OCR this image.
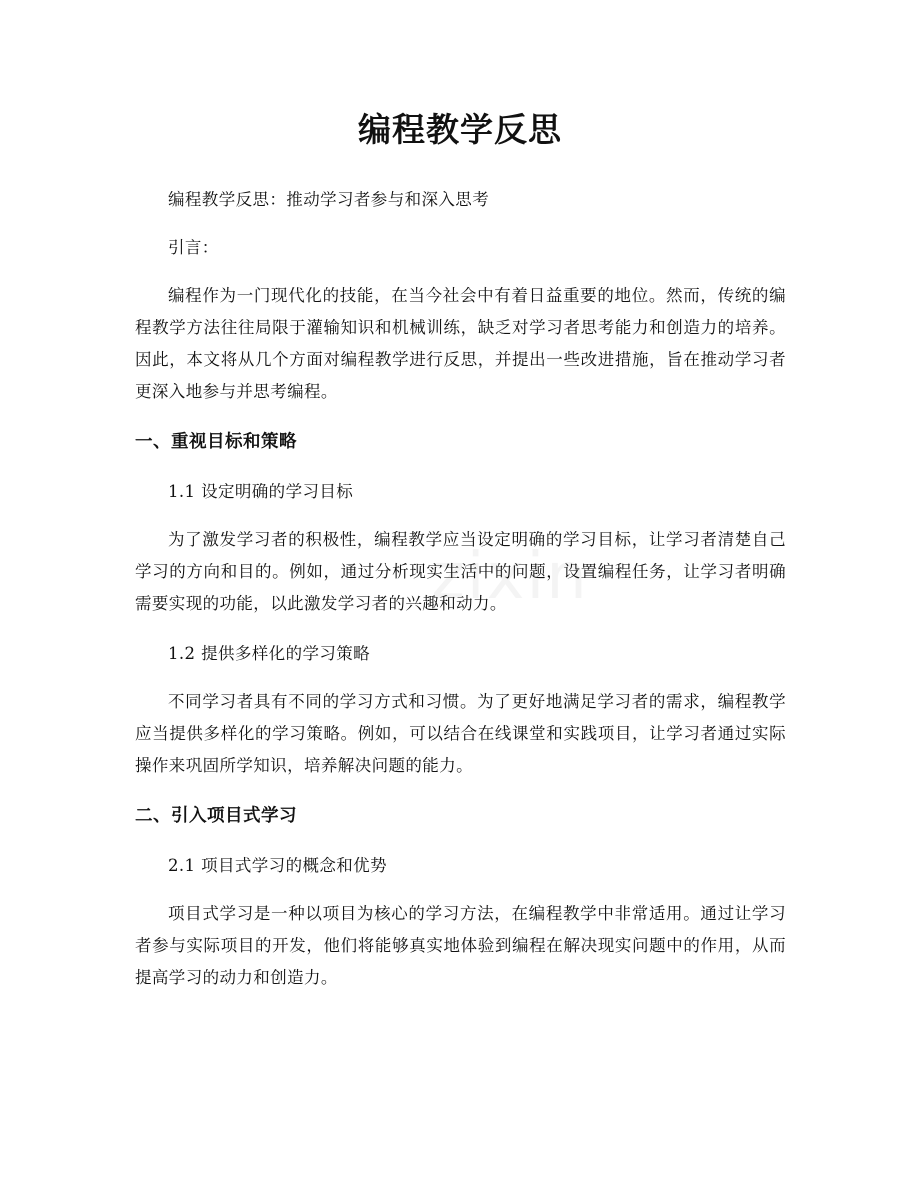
编程教学反思

编程教学反思：推动学习者参与和深入思考

引言：

编程作为一门现代化的技能，在当今社会中有着日益重要的地位。然而，传统的编程教学方法往往局限于灌输知识和机械训练，缺乏对学习者思考能力和创造力的培养。因此，本文将从几个方面对编程教学进行反思，并提出一些改进措施，旨在推动学习者更深入地参与并思考编程。

一、重视目标和策略

1.1 设定明确的学习目标

为了激发学习者的积极性，编程教学应当设定明确的学习目标，让学习者清楚自己学习的方向和目的。例如，通过分析现实生活中的问题，设置编程任务，让学习者明确需要实现的功能，以此激发学习者的兴趣和动力。

1.2 提供多样化的学习策略

不同学习者具有不同的学习方式和习惯。为了更好地满足学习者的需求，编程教学应当提供多样化的学习策略。例如，可以结合在线课堂和实践项目，让学习者通过实际操作来巩固所学知识，培养解决问题的能力。

二、引入项目式学习

2.1 项目式学习的概念和优势

项目式学习是一种以项目为核心的学习方法，在编程教学中非常适用。通过让学习者参与实际项目的开发，他们将能够真实地体验到编程在解决现实问题中的作用，从而提高学习的动力和创造力。
